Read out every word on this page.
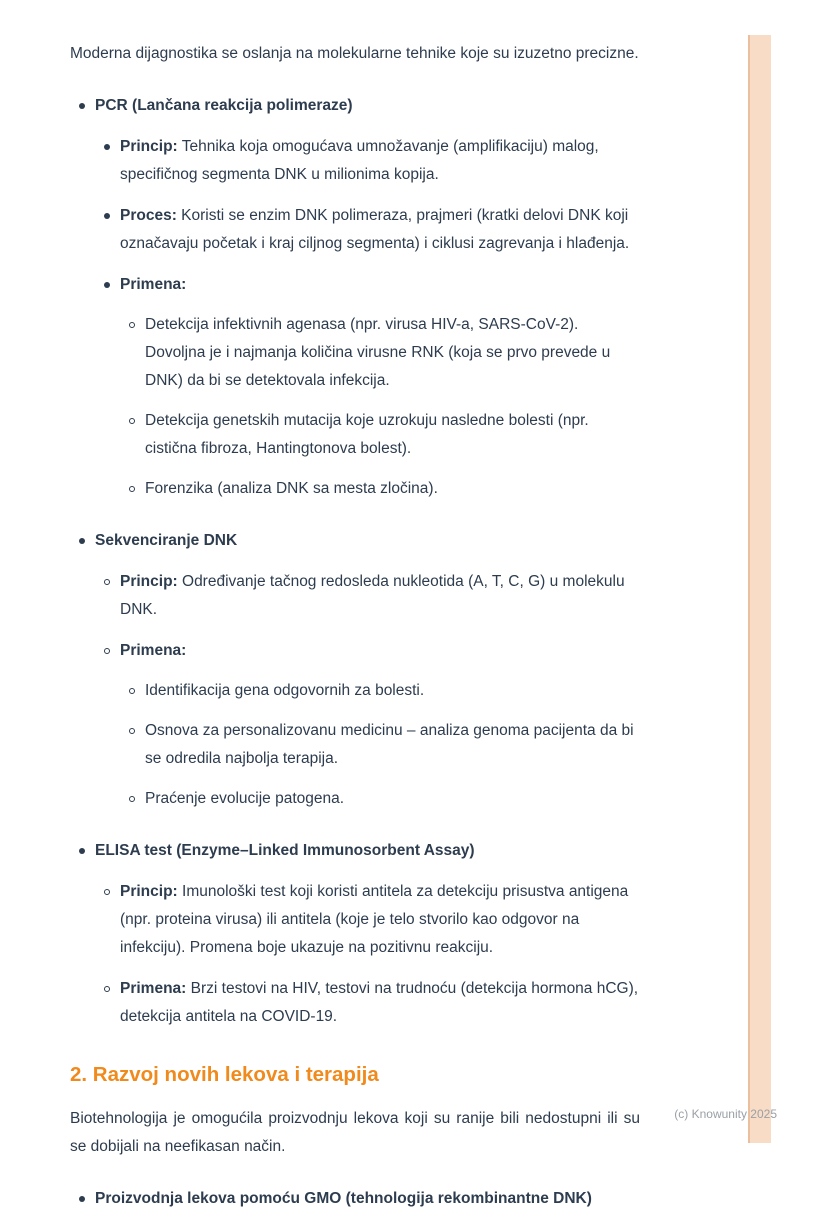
Moderna dijagnostika se oslanja na molekularne tehnike koje su izuzetno precizne.

PCR (Lančana reakcija polimeraze)
Princip: Tehnika koja omogućava umnožavanje (amplifikaciju) malog, specifičnog segmenta DNK u milionima kopija.
Proces: Koristi se enzim DNK polimeraza, prajmeri (kratki delovi DNK koji označavaju početak i kraj ciljnog segmenta) i ciklusi zagrevanja i hlađenja.
Primena:
Detekcija infektivnih agenasa (npr. virusa HIV-a, SARS-CoV-2). Dovoljna je i najmanja količina virusne RNK (koja se prvo prevede u DNK) da bi se detektovala infekcija.
Detekcija genetskih mutacija koje uzrokuju nasledne bolesti (npr. cistična fibroza, Hantingtonova bolest).
Forenzika (analiza DNK sa mesta zločina).
Sekvenciranje DNK
Princip: Određivanje tačnog redosleda nukleotida (A, T, C, G) u molekulu DNK.
Primena:
Identifikacija gena odgovornih za bolesti.
Osnova za personalizovanu medicinu – analiza genoma pacijenta da bi se odredila najbolja terapija.
Praćenje evolucije patogena.
ELISA test (Enzyme–Linked Immunosorbent Assay)
Princip: Imunološki test koji koristi antitela za detekciju prisustva antigena (npr. proteina virusa) ili antitela (koje je telo stvorilo kao odgovor na infekciju). Promena boje ukazuje na pozitivnu reakciju.
Primena: Brzi testovi na HIV, testovi na trudnoću (detekcija hormona hCG), detekcija antitela na COVID-19.
2. Razvoj novih lekova i terapija

Biotehnologija je omogućila proizvodnju lekova koji su ranije bili nedostupni ili su se dobijali na neefikasan način.

Proizvodnja lekova pomoću GMO (tehnologija rekombinantne DNK)
(c) Knowunity 2025
